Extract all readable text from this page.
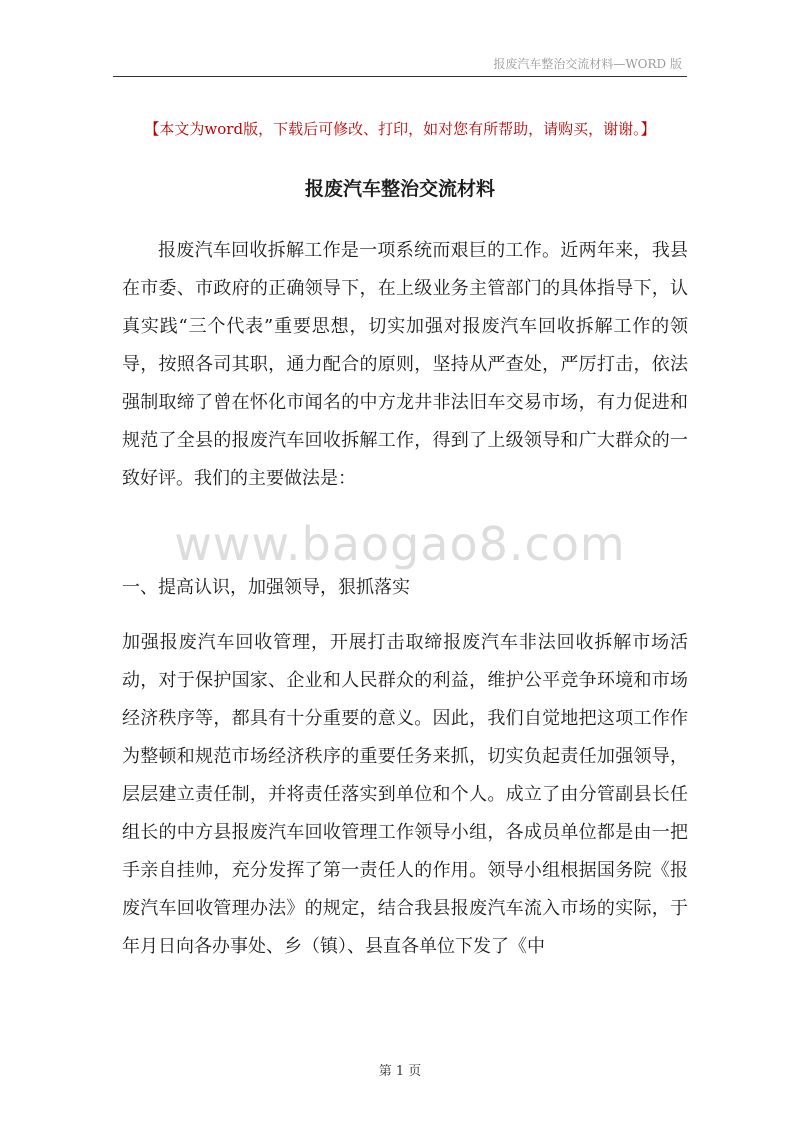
报废汽车整治交流材料—WORD 版
【本文为word版，下载后可修改、打印，如对您有所帮助，请购买，谢谢。】
报废汽车整治交流材料

报废汽车回收拆解工作是一项系统而艰巨的工作。近两年来，我县在市委、市政府的正确领导下，在上级业务主管部门的具体指导下，认真实践“三个代表”重要思想，切实加强对报废汽车回收拆解工作的领导，按照各司其职，通力配合的原则，坚持从严查处，严厉打击，依法强制取缔了曾在怀化市闻名的中方龙井非法旧车交易市场，有力促进和规范了全县的报废汽车回收拆解工作，得到了上级领导和广大群众的一致好评。我们的主要做法是：

www.baogao8.com

一、提高认识，加强领导，狠抓落实

加强报废汽车回收管理，开展打击取缔报废汽车非法回收拆解市场活动，对于保护国家、企业和人民群众的利益，维护公平竞争环境和市场经济秩序等，都具有十分重要的意义。因此，我们自觉地把这项工作作为整顿和规范市场经济秩序的重要任务来抓，切实负起责任加强领导，层层建立责任制，并将责任落实到单位和个人。成立了由分管副县长任组长的中方县报废汽车回收管理工作领导小组，各成员单位都是由一把手亲自挂帅，充分发挥了第一责任人的作用。领导小组根据国务院《报废汽车回收管理办法》的规定，结合我县报废汽车流入市场的实际，于年月日向各办事处、乡（镇）、县直各单位下发了《中

第 1 页
